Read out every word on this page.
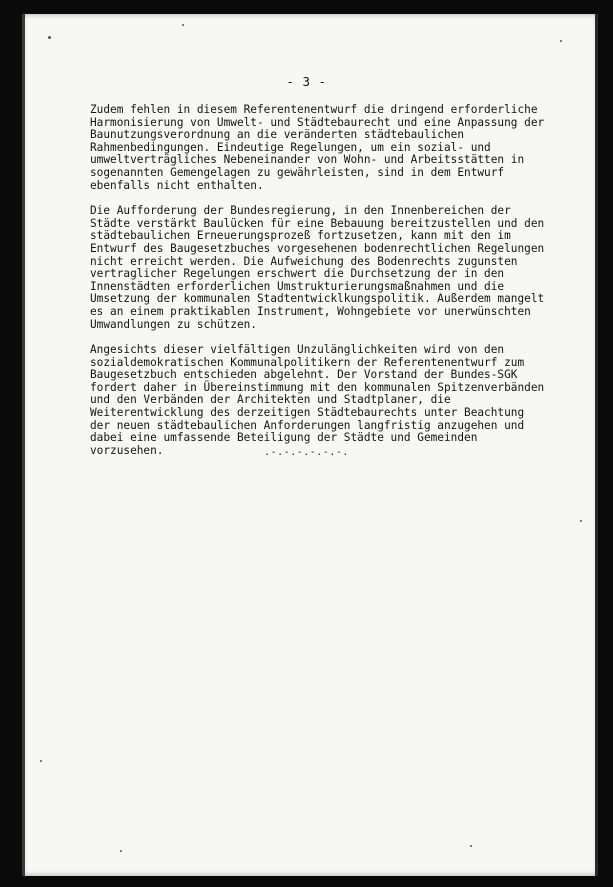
- 3 -
Zudem fehlen in diesem Referentenentwurf die dringend erforderliche
Harmonisierung von Umwelt- und Städtebaurecht und eine Anpassung der
Baunutzungsverordnung an die veränderten städtebaulichen
Rahmenbedingungen. Eindeutige Regelungen, um ein sozial- und
umweltverträgliches Nebeneinander von Wohn- und Arbeitsstätten in
sogenannten Gemengelagen zu gewährleisten, sind in dem Entwurf
ebenfalls nicht enthalten.
Die Aufforderung der Bundesregierung, in den Innenbereichen der
Städte verstärkt Baulücken für eine Bebauung bereitzustellen und den
städtebaulichen Erneuerungsprozeß fortzusetzen, kann mit den im
Entwurf des Baugesetzbuches vorgesehenen bodenrechtlichen Regelungen
nicht erreicht werden. Die Aufweichung des Bodenrechts zugunsten
vertraglicher Regelungen erschwert die Durchsetzung der in den
Innenstädten erforderlichen Umstrukturierungsmaßnahmen und die
Umsetzung der kommunalen Stadtentwicklkungspolitik. Außerdem mangelt
es an einem praktikablen Instrument, Wohngebiete vor unerwünschten
Umwandlungen zu schützen.
Angesichts dieser vielfältigen Unzulänglichkeiten wird von den
sozialdemokratischen Kommunalpolitikern der Referentenentwurf zum
Baugesetzbuch entschieden abgelehnt. Der Vorstand der Bundes-SGK
fordert daher in Übereinstimmung mit den kommunalen Spitzenverbänden
und den Verbänden der Architekten und Stadtplaner, die
Weiterentwicklung des derzeitigen Städtebaurechts unter Beachtung
der neuen städtebaulichen Anforderungen langfristig anzugehen und
dabei eine umfassende Beteiligung der Städte und Gemeinden
vorzusehen.	.-.-.-.-.-.-.
